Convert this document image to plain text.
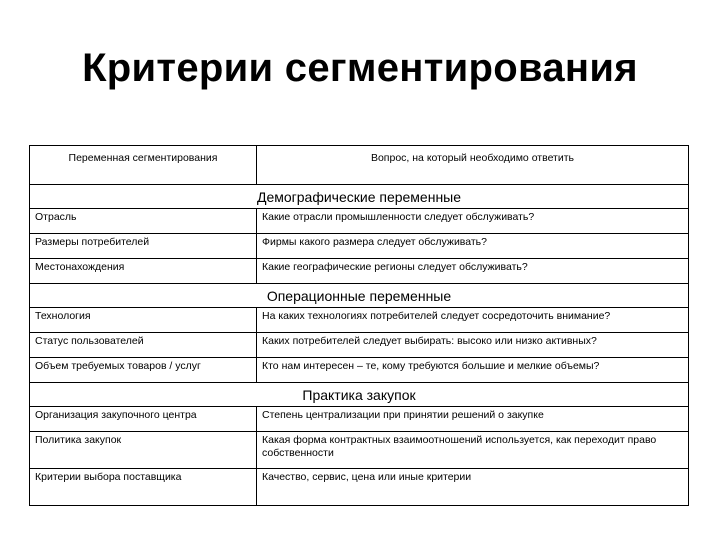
Критерии сегментирования
Переменная сегментирования	Вопрос, на который необходимо ответить
Демографические переменные	
Отрасль	Какие отрасли промышленности следует обслуживать?
Размеры потребителей	Фирмы какого размера следует обслуживать?
Местонахождения	Какие географические регионы следует обслуживать?
Операционные переменные	
Технология	На каких технологиях потребителей следует сосредоточить внимание?
Статус пользователей	Каких потребителей следует выбирать: высоко или низко активных?
Объем требуемых товаров / услуг	Кто нам интересен – те, кому требуются большие и мелкие объемы?
Практика закупок	
Организация закупочного центра	Степень централизации при принятии решений о закупке
Политика закупок	Какая форма контрактных взаимоотношений используется, как переходит право собственности
Критерии выбора поставщика	Качество, сервис, цена или иные критерии
